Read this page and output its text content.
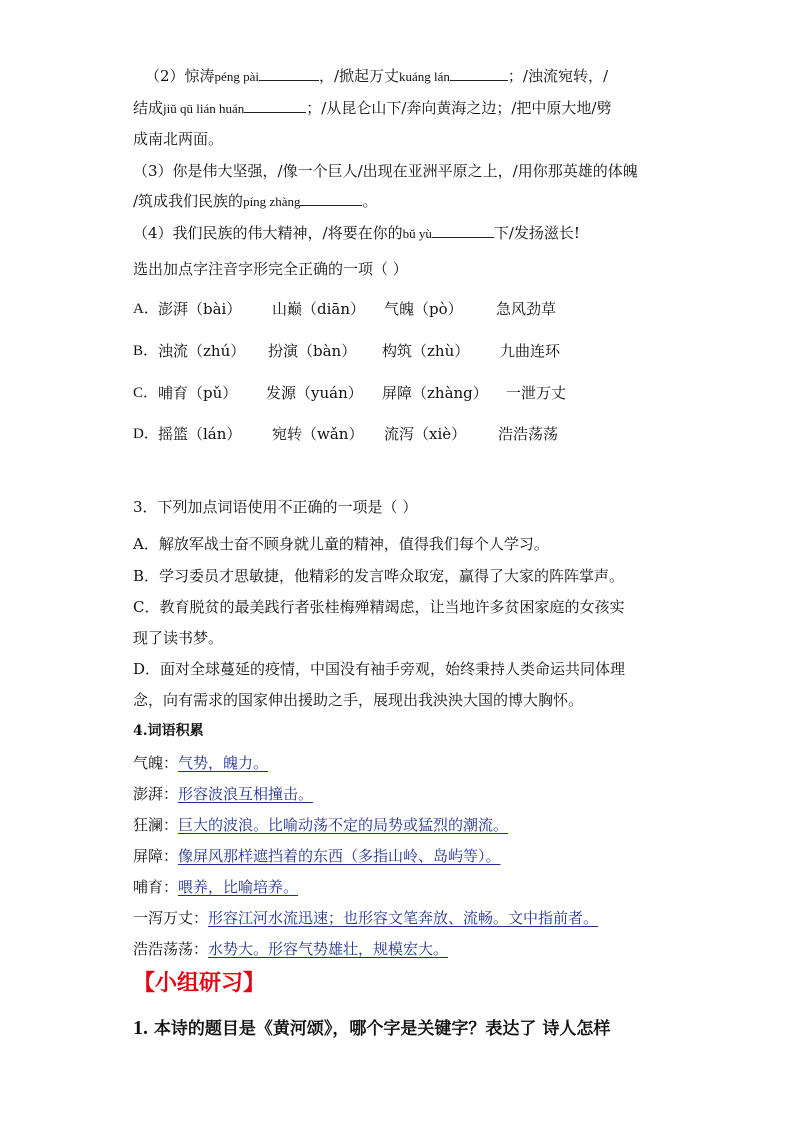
（2）惊涛péng pài	，/掀起万丈kuáng lán	；/浊流宛转，/
结成jiǔ qū lián huán	；/从昆仑山下/奔向黄海之边；/把中原大地/劈
成南北两面。
（3）你是伟大坚强，/像一个巨人/出现在亚洲平原之上，/用你那英雄的体魄
/筑成我们民族的píng zhàng	。
（4）我们民族的伟大精神，/将要在你的bǔ yù	下/发扬滋长!
选出加点字注音字形完全正确的一项（ ）
A． 澎湃（bài） 山巅（diān） 气魄（pò） 急风劲草
B． 浊流（zhú） 扮演（bàn） 构筑（zhù） 九曲连环
C． 哺育（pǔ） 发源（yuán） 屏障（zhàng） 一泄万丈
D． 摇篮（lán） 宛转（wǎn） 流泻（xiè） 浩浩荡荡
3．下列加点词语使用不正确的一项是（ ）
A．解放军战士奋不顾身就儿童的精神，值得我们每个人学习。
B．学习委员才思敏捷，他精彩的发言哗众取宠，赢得了大家的阵阵掌声。
C．教育脱贫的最美践行者张桂梅殚精竭虑，让当地许多贫困家庭的女孩实
现了读书梦。
D．面对全球蔓延的疫情，中国没有袖手旁观，始终秉持人类命运共同体理
念，向有需求的国家伸出援助之手，展现出我泱泱大国的博大胸怀。
4.词语积累
气魄：气势，魄力。
澎湃：形容波浪互相撞击。
狂澜：巨大的波浪。比喻动荡不定的局势或猛烈的潮流。
屏障：像屏风那样遮挡着的东西（多指山岭、岛屿等）。
哺育：喂养，比喻培养。
一泻万丈：形容江河水流迅速；也形容文笔奔放、流畅。文中指前者。
浩浩荡荡：水势大。形容气势雄壮，规模宏大。
【小组研习】
1. 本诗的题目是《黄河颂》，哪个字是关键字？表达了 诗人怎样
